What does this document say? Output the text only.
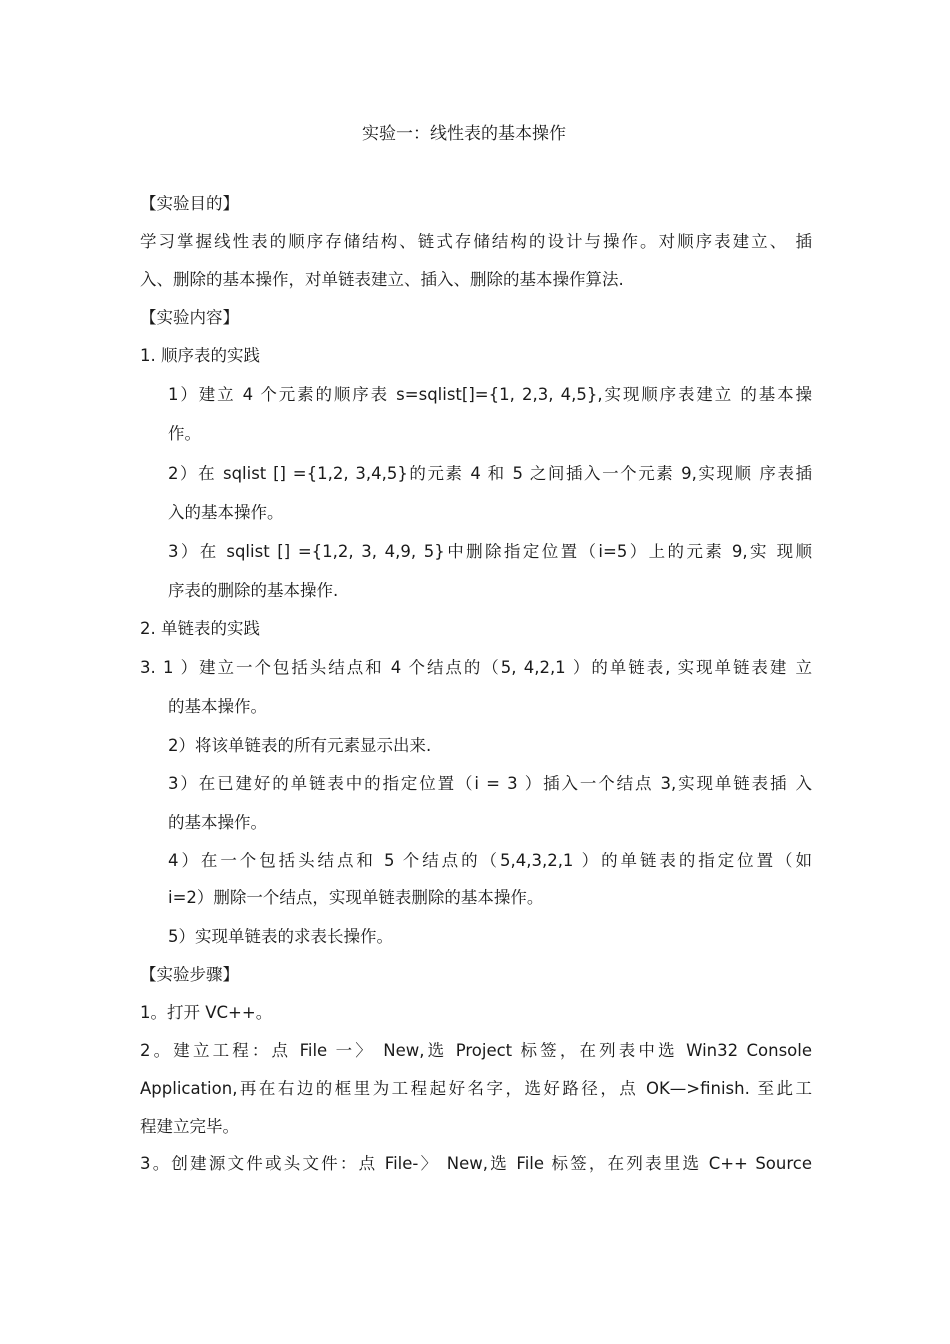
实验一：线性表的基本操作
【实验目的】
学习掌握线性表的顺序存储结构、链式存储结构的设计与操作。对顺序表建立、 插
入、删除的基本操作，对单链表建立、插入、删除的基本操作算法.
【实验内容】
1. 顺序表的实践
1）建立 4 个元素的顺序表 s=sqlist[]={1, 2,3, 4,5},实现顺序表建立 的基本操
作。
2）在 sqlist [] ={1,2, 3,4,5}的元素 4 和 5 之间插入一个元素 9,实现顺 序表插
入的基本操作。
3）在 sqlist [] ={1,2, 3, 4,9, 5}中删除指定位置（i=5）上的元素 9,实 现顺
序表的删除的基本操作.
2. 单链表的实践
3. 1 ）建立一个包括头结点和 4 个结点的（5, 4,2,1 ）的单链表, 实现单链表建 立
的基本操作。
2）将该单链表的所有元素显示出来.
3）在已建好的单链表中的指定位置（i = 3 ）插入一个结点 3,实现单链表插 入
的基本操作。
4）在一个包括头结点和 5 个结点的（5,4,3,2,1 ）的单链表的指定位置（如
i=2）删除一个结点，实现单链表删除的基本操作。
5）实现单链表的求表长操作。
【实验步骤】
1。打开 VC++。
2。建立工程：点 File 一〉 New,选 Project 标签，在列表中选 Win32 Console
Application,再在右边的框里为工程起好名字，选好路径，点 OK—>finish. 至此工
程建立完毕。
3。创建源文件或头文件：点 File-〉 New,选 File 标签，在列表里选 C++ Source
